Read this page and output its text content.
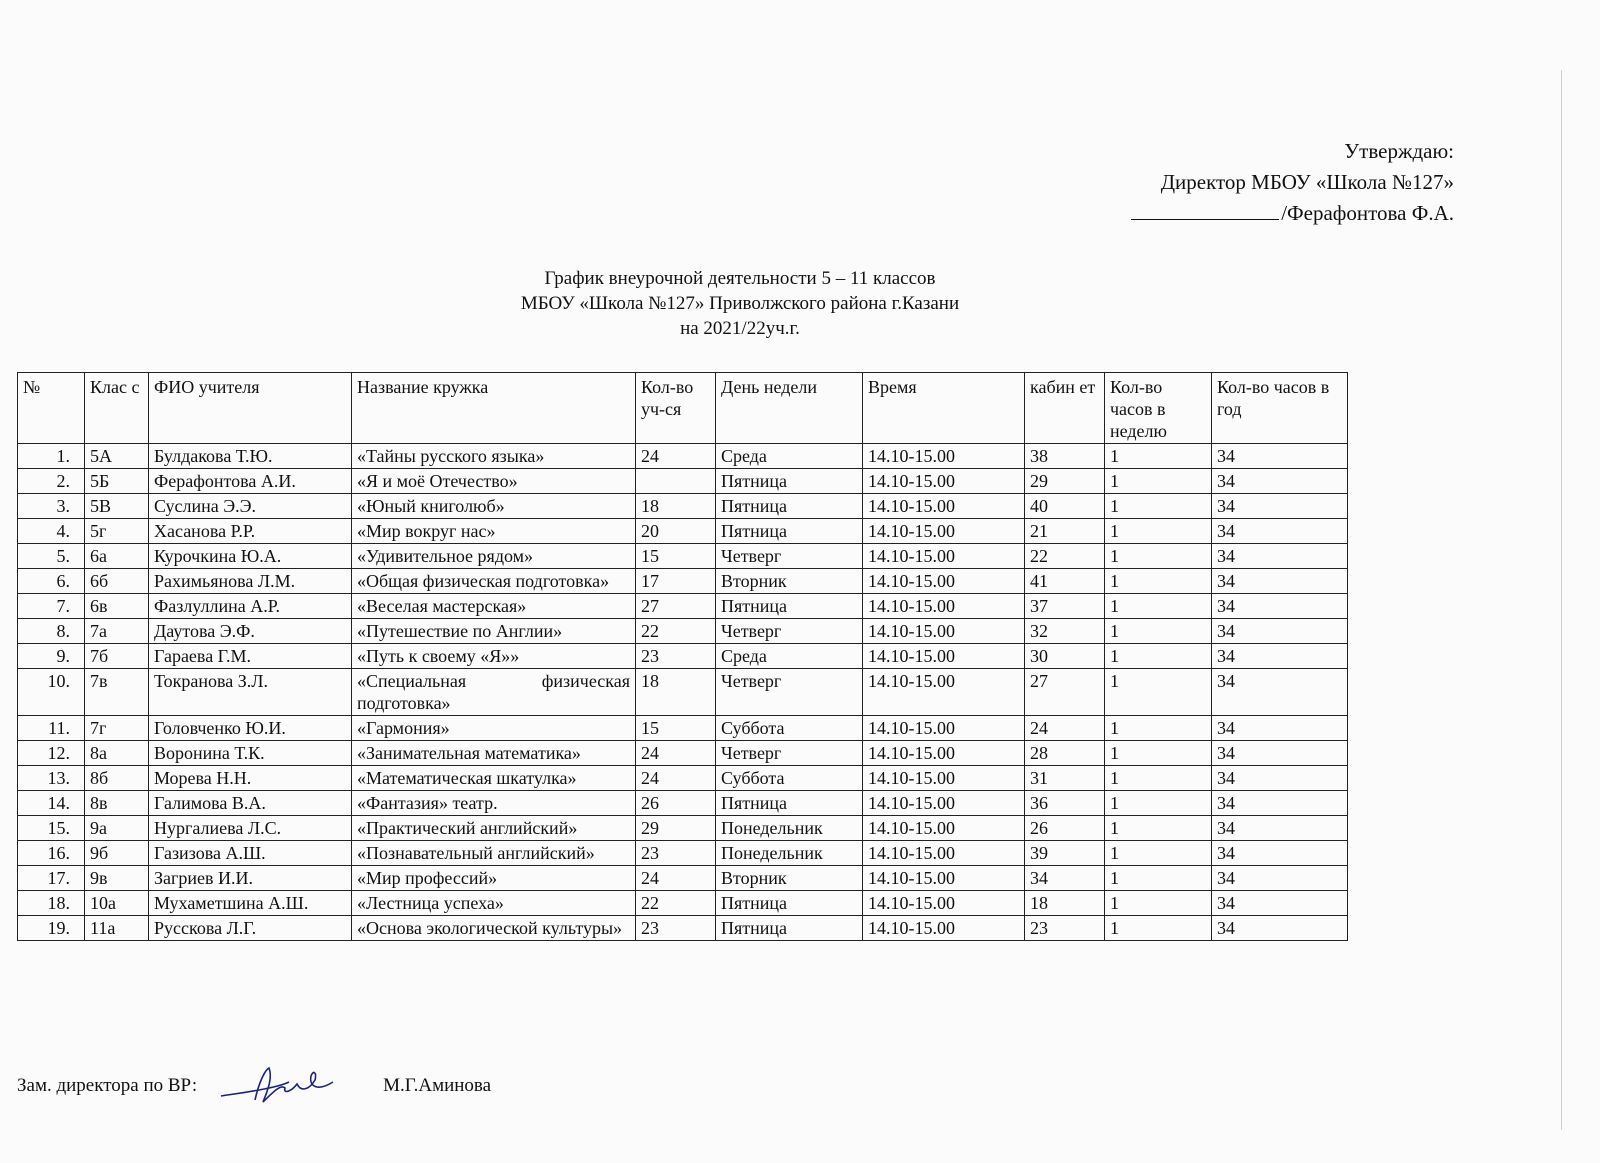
Утверждаю:
Директор МБОУ «Школа №127»
/Ферафонтова Ф.А.
График внеурочной деятельности 5 – 11 классов
МБОУ «Школа №127» Приволжского района г.Казани
на 2021/22уч.г.
№	Клас с	ФИО учителя	Название кружка	Кол-во уч-ся	День недели	Время	кабин ет	Кол-во часов в неделю	Кол-во часов в год
1.	5А	Булдакова Т.Ю.	«Тайны русского языка»	24	Среда	14.10-15.00	38	1	34
2.	5Б	Ферафонтова А.И.	«Я и моё Отечество»		Пятница	14.10-15.00	29	1	34
3.	5В	Суслина Э.Э.	«Юный книголюб»	18	Пятница	14.10-15.00	40	1	34
4.	5г	Хасанова Р.Р.	«Мир вокруг нас»	20	Пятница	14.10-15.00	21	1	34
5.	6а	Курочкина Ю.А.	«Удивительное рядом»	15	Четверг	14.10-15.00	22	1	34
6.	6б	Рахимьянова Л.М.	«Общая физическая подготовка»	17	Вторник	14.10-15.00	41	1	34
7.	6в	Фазлуллина А.Р.	«Веселая мастерская»	27	Пятница	14.10-15.00	37	1	34
8.	7а	Даутова Э.Ф.	«Путешествие по Англии»	22	Четверг	14.10-15.00	32	1	34
9.	7б	Гараева Г.М.	«Путь к своему «Я»»	23	Среда	14.10-15.00	30	1	34
10.	7в	Токранова З.Л.	«Специальная физическая подготовка»	18	Четверг	14.10-15.00	27	1	34
11.	7г	Головченко Ю.И.	«Гармония»	15	Суббота	14.10-15.00	24	1	34
12.	8а	Воронина Т.К.	«Занимательная математика»	24	Четверг	14.10-15.00	28	1	34
13.	8б	Морева Н.Н.	«Математическая шкатулка»	24	Суббота	14.10-15.00	31	1	34
14.	8в	Галимова В.А.	«Фантазия» театр.	26	Пятница	14.10-15.00	36	1	34
15.	9а	Нургалиева Л.С.	«Практический английский»	29	Понедельник	14.10-15.00	26	1	34
16.	9б	Газизова А.Ш.	«Познавательный английский»	23	Понедельник	14.10-15.00	39	1	34
17.	9в	Загриев И.И.	«Мир профессий»	24	Вторник	14.10-15.00	34	1	34
18.	10а	Мухаметшина А.Ш.	«Лестница успеха»	22	Пятница	14.10-15.00	18	1	34
19.	11а	Русскова Л.Г.	«Основа экологической культуры»	23	Пятница	14.10-15.00	23	1	34
Зам. директора по ВР:	М.Г.Аминова
